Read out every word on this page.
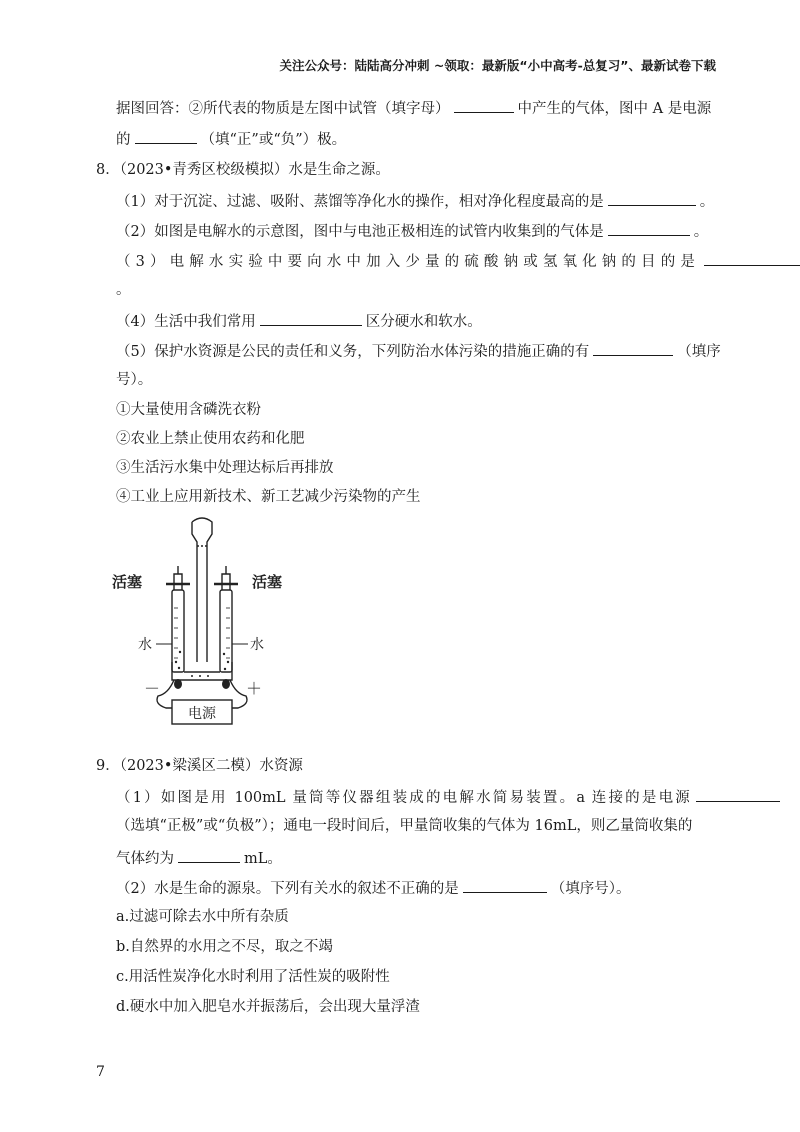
关注公众号：陆陆高分冲刺 ~领取：最新版“小中高考-总复习”、最新试卷下载
据图回答：②所代表的物质是左图中试管（填字母）	中产生的气体，图中 A 是电源
的	（填“正”或“负”）极。
8．（2023•青秀区校级模拟）水是生命之源。
（1）对于沉淀、过滤、吸附、蒸馏等净化水的操作，相对净化程度最高的是	。
（2）如图是电解水的示意图，图中与电池正极相连的试管内收集到的气体是	。
（3）电解水实验中要向水中加入少量的硫酸钠或氢氧化钠的目的是
。
（4）生活中我们常用	区分硬水和软水。
（5）保护水资源是公民的责任和义务，下列防治水体污染的措施正确的有	（填序
号）。
①大量使用含磷洗衣粉
②农业上禁止使用农药和化肥
③生活污水集中处理达标后再排放
④工业上应用新技术、新工艺减少污染物的产生
活塞	活塞
水	水
－	＋
电源
9．（2023•梁溪区二模）水资源
（1）如图是用 100mL 量筒等仪器组装成的电解水简易装置。a 连接的是电源
（选填“正极”或“负极”）；通电一段时间后，甲量筒收集的气体为 16mL，则乙量筒收集的
气体约为	mL。
（2）水是生命的源泉。下列有关水的叙述不正确的是	（填序号）。
a.过滤可除去水中所有杂质
b.自然界的水用之不尽，取之不竭
c.用活性炭净化水时利用了活性炭的吸附性
d.硬水中加入肥皂水并振荡后，会出现大量浮渣
7
